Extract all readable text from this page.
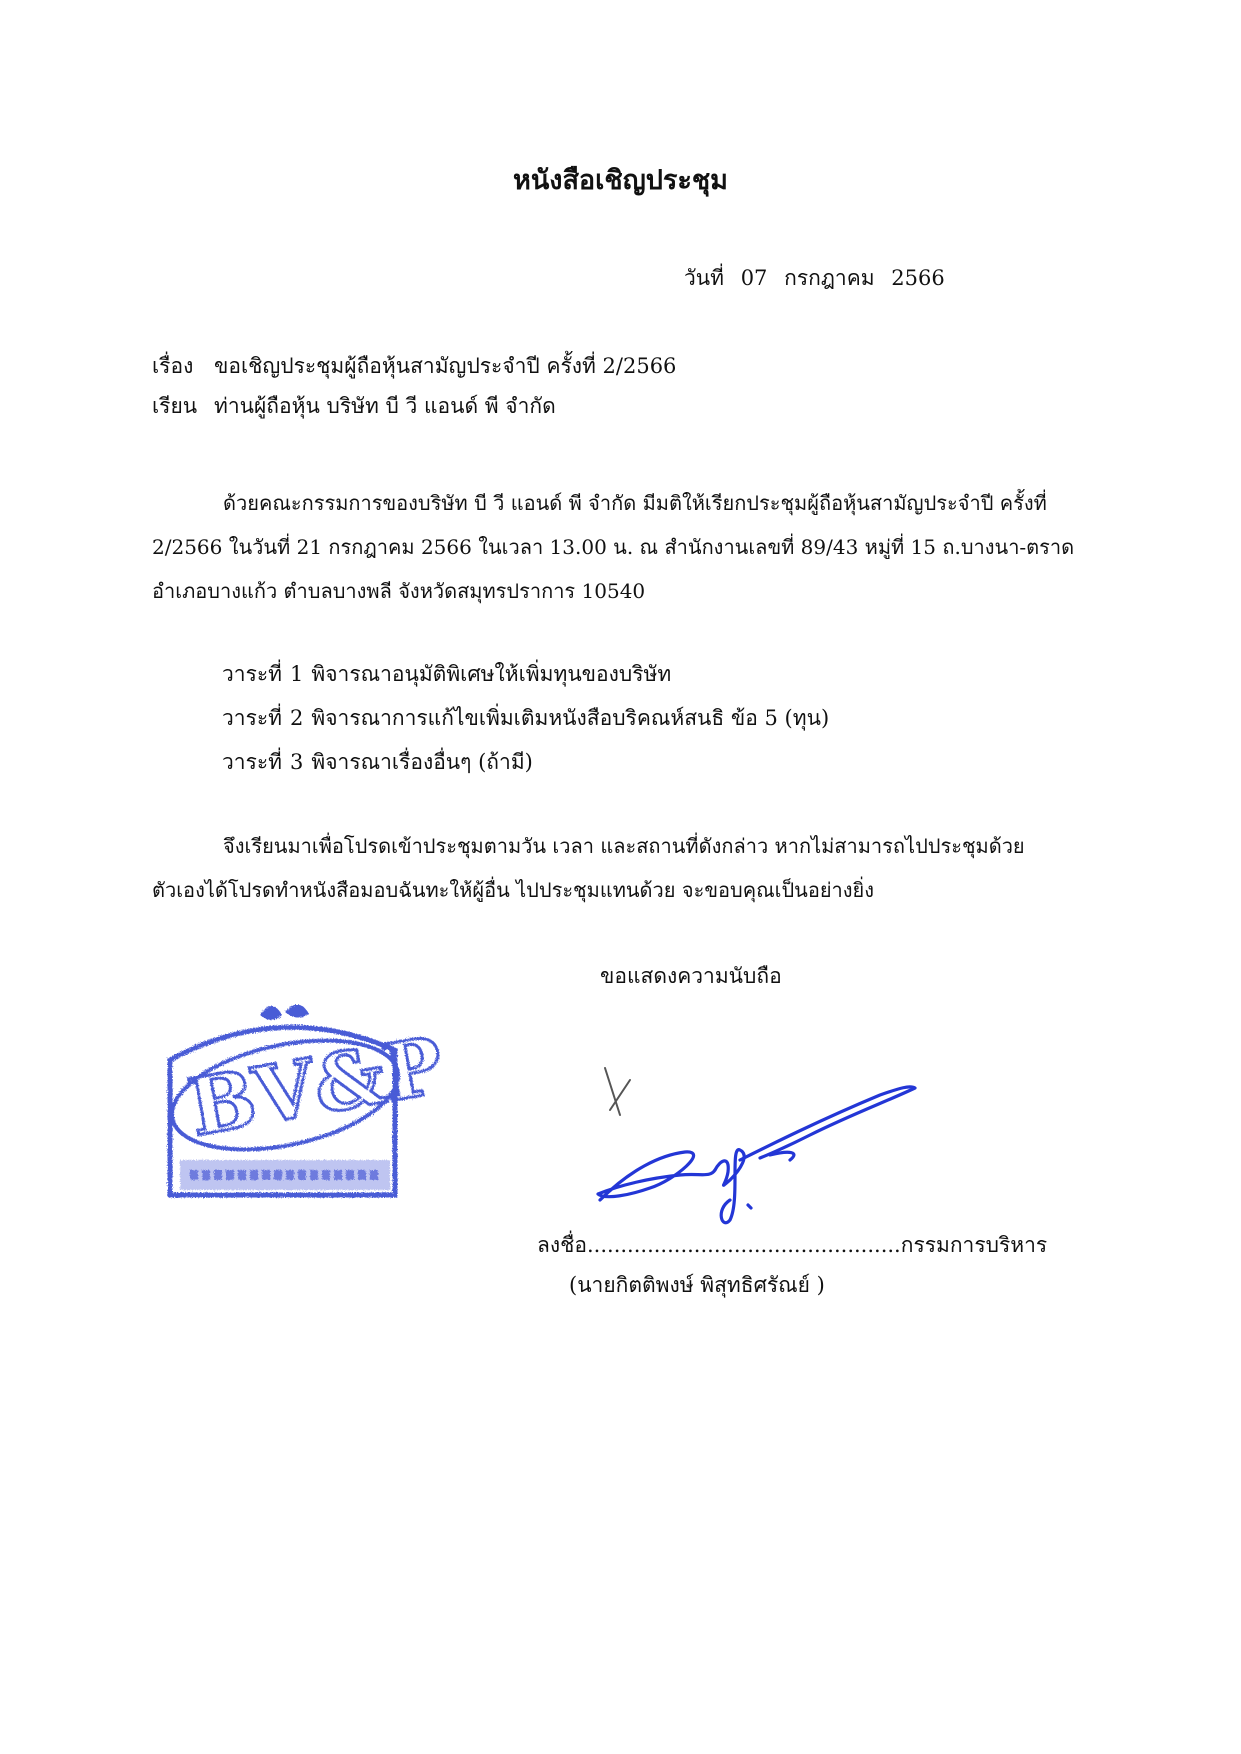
หนังสือเชิญประชุม
วันที่ 07 กรกฎาคม 2566
เรื่อง ขอเชิญประชุมผู้ถือหุ้นสามัญประจำปี ครั้งที่ 2/2566
เรียน ท่านผู้ถือหุ้น บริษัท บี วี แอนด์ พี จำกัด
ด้วยคณะกรรมการของบริษัท บี วี แอนด์ พี จำกัด มีมติให้เรียกประชุมผู้ถือหุ้นสามัญประจำปี ครั้งที่
2/2566 ในวันที่ 21 กรกฎาคม 2566 ในเวลา 13.00 น. ณ สำนักงานเลขที่ 89/43 หมู่ที่ 15 ถ.บางนา-ตราด
อำเภอบางแก้ว ตำบลบางพลี จังหวัดสมุทรปราการ 10540
วาระที่ 1 พิจารณาอนุมัติพิเศษให้เพิ่มทุนของบริษัท
วาระที่ 2 พิจารณาการแก้ไขเพิ่มเติมหนังสือบริคณห์สนธิ ข้อ 5 (ทุน)
วาระที่ 3 พิจารณาเรื่องอื่นๆ (ถ้ามี)
จึงเรียนมาเพื่อโปรดเข้าประชุมตามวัน เวลา และสถานที่ดังกล่าว หากไม่สามารถไปประชุมด้วย
ตัวเองได้โปรดทำหนังสือมอบฉันทะให้ผู้อื่น ไปประชุมแทนด้วย จะขอบคุณเป็นอย่างยิ่ง
ขอแสดงความนับถือ
BV&P
ลงชื่อ...............................................กรรมการบริหาร
(นายกิตติพงษ์ พิสุทธิศรัณย์ )
